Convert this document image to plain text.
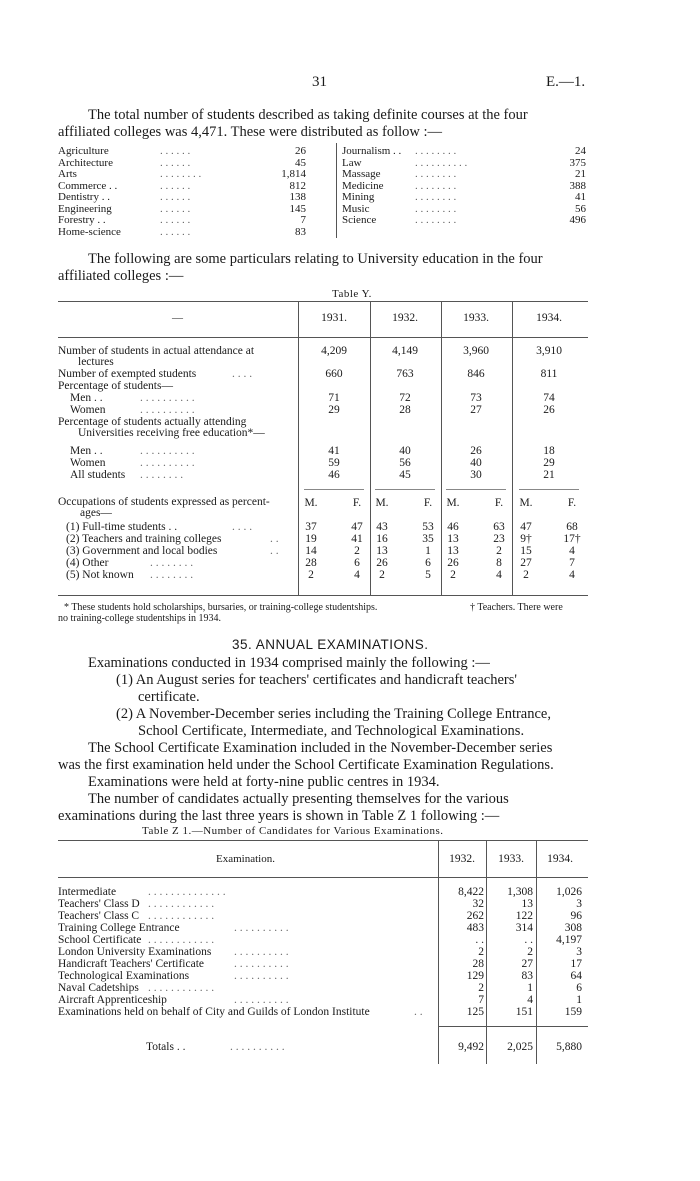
31	E.—1.
The total number of students described as taking definite courses at the four
affiliated colleges was 4,471. These were distributed as follow :—
Agriculture	. . . . . .	26
Architecture	. . . . . .	45
Arts	. . . . . . . .	1,814
Commerce . .	. . . . . .	812
Dentistry . .	. . . . . .	138
Engineering	. . . . . .	145
Forestry . .	. . . . . .	7
Home-science	. . . . . .	83
Journalism . . . . . . . . . .	24
Law	. . . . . . . . . .	375
Massage	. . . . . . . .	21
Medicine	. . . . . . . .	388
Mining	. . . . . . . .	41
Music	. . . . . . . .	56
Science	. . . . . . . .	496
The following are some particulars relating to University education in the four
affiliated colleges :—
Table Y.
—	1931.	1932.	1933.	1934.
Number of students in actual attendance at	4,209	4,149	3,960	3,910
lectures
Number of exempted students	. . . .	660	763	846	811
Percentage of students—
Men . .	. . . . . . . . . .	71	72	73	74
Women	. . . . . . . . . .	29	28	27	26
Percentage of students actually attending
Universities receiving free education*—
Men . .	. . . . . . . . . .	41	40	26	18
Women	. . . . . . . . . .	59	56	40	29
All students . . . . . . . .	46	45	30	21
Occupations of students expressed as percent-
ages—
M.	F.	M.	F.	M.	F.	M.	F.
(1) Full-time students . .	. . . .	37	47	43	53	46	63	47	68
(2) Teachers and training colleges	. .	19	41	16	35	13	23	9†	17†
(3) Government and local bodies	. .	14	2	13	1	13	2	15	4
(4) Other	. . . . . . . .	28	6	26	6	26	8	27	7
(5) Not known . . . . . . . .	2	4	2	5	2	4	2	4
* These students hold scholarships, bursaries, or training-college studentships.	† Teachers. There were
no training-college studentships in 1934.
35. ANNUAL EXAMINATIONS.
Examinations conducted in 1934 comprised mainly the following :—
(1) An August series for teachers' certificates and handicraft teachers'
certificate.
(2) A November-December series including the Training College Entrance,
School Certificate, Intermediate, and Technological Examinations.
The School Certificate Examination included in the November-December series
was the first examination held under the School Certificate Examination Regulations.
Examinations were held at forty-nine public centres in 1934.
The number of candidates actually presenting themselves for the various
examinations during the last three years is shown in Table Z 1 following :—
Table Z 1.—Number of Candidates for Various Examinations.
Examination.	1932.	1933.	1934.
Intermediate	. . . . . . . . . . . . . .	8,422	1,308	1,026
Teachers' Class D . . . . . . . . . . . .	32	13	3
Teachers' Class C . . . . . . . . . . . .	262	122	96
Training College Entrance	. . . . . . . . . .	483	314	308
School Certificate . . . . . . . . . . . .	. .	. .	4,197
London University Examinations . . . . . . . . . .	2	2	3
Handicraft Teachers' Certificate	. . . . . . . . . .	28	27	17
Technological Examinations	. . . . . . . . . .	129	83	64
Naval Cadetships . . . . . . . . . . . .	2	1	6
Aircraft Apprenticeship	. . . . . . . . . .	7	4	1
Examinations held on behalf of City and Guilds of London Institute	. .	125	151	159
Totals . .	. . . . . . . . . .	9,492	2,025	5,880
